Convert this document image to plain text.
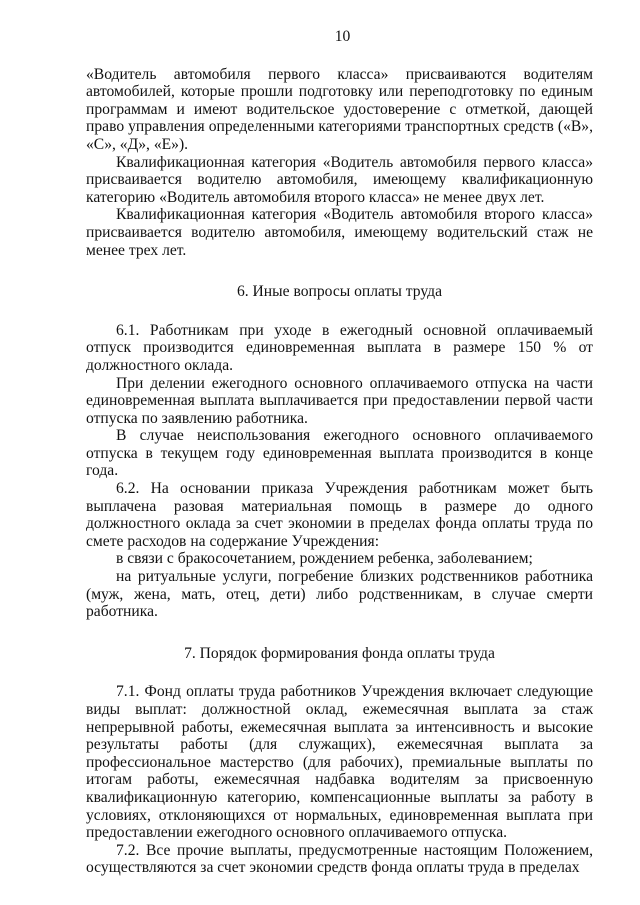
10

«Водитель автомобиля первого класса» присваиваются водителям автомобилей, которые прошли подготовку или переподготовку по единым программам и имеют водительское удостоверение с отметкой, дающей право управления определенными категориями транспортных средств («В», «С», «Д», «Е»).

Квалификационная категория «Водитель автомобиля первого класса» присваивается водителю автомобиля, имеющему квалификационную категорию «Водитель автомобиля второго класса» не менее двух лет.

Квалификационная категория «Водитель автомобиля второго класса» присваивается водителю автомобиля, имеющему водительский стаж не менее трех лет.

6. Иные вопросы оплаты труда

6.1. Работникам при уходе в ежегодный основной оплачиваемый отпуск производится единовременная выплата в размере 150 % от должностного оклада.

При делении ежегодного основного оплачиваемого отпуска на части единовременная выплата выплачивается при предоставлении первой части отпуска по заявлению работника.

В случае неиспользования ежегодного основного оплачиваемого отпуска в текущем году единовременная выплата производится в конце года.

6.2. На основании приказа Учреждения работникам может быть выплачена разовая материальная помощь в размере до одного должностного оклада за счет экономии в пределах фонда оплаты труда по смете расходов на содержание Учреждения:

в связи с бракосочетанием, рождением ребенка, заболеванием;

на ритуальные услуги, погребение близких родственников работника (муж, жена, мать, отец, дети) либо родственникам, в случае смерти работника.

7. Порядок формирования фонда оплаты труда

7.1. Фонд оплаты труда работников Учреждения включает следующие виды выплат: должностной оклад, ежемесячная выплата за стаж непрерывной работы, ежемесячная выплата за интенсивность и высокие результаты работы (для служащих), ежемесячная выплата за профессиональное мастерство (для рабочих), премиальные выплаты по итогам работы, ежемесячная надбавка водителям за присвоенную квалификационную категорию, компенсационные выплаты за работу в условиях, отклоняющихся от нормальных, единовременная выплата при предоставлении ежегодного основного оплачиваемого отпуска.

7.2. Все прочие выплаты, предусмотренные настоящим Положением, осуществляются за счет экономии средств фонда оплаты труда в пределах
